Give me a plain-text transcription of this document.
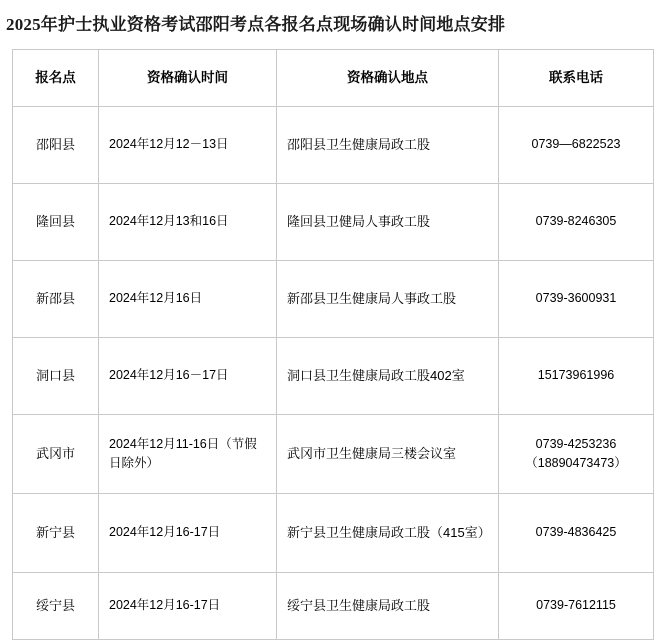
2025年护士执业资格考试邵阳考点各报名点现场确认时间地点安排
报名点	资格确认时间	资格确认地点	联系电话
邵阳县	2024年12月12－13日	邵阳县卫生健康局政工股	0739—6822523
隆回县	2024年12月13和16日	隆回县卫健局人事政工股	0739-8246305
新邵县	2024年12月16日	新邵县卫生健康局人事政工股	0739-3600931
洞口县	2024年12月16－17日	洞口县卫生健康局政工股402室	15173961996
武冈市	2024年12月11-16日（节假日除外）	武冈市卫生健康局三楼会议室	0739-4253236（18890473473）
新宁县	2024年12月16-17日	新宁县卫生健康局政工股（415室）	0739-4836425
绥宁县	2024年12月16-17日	绥宁县卫生健康局政工股	0739-7612115
